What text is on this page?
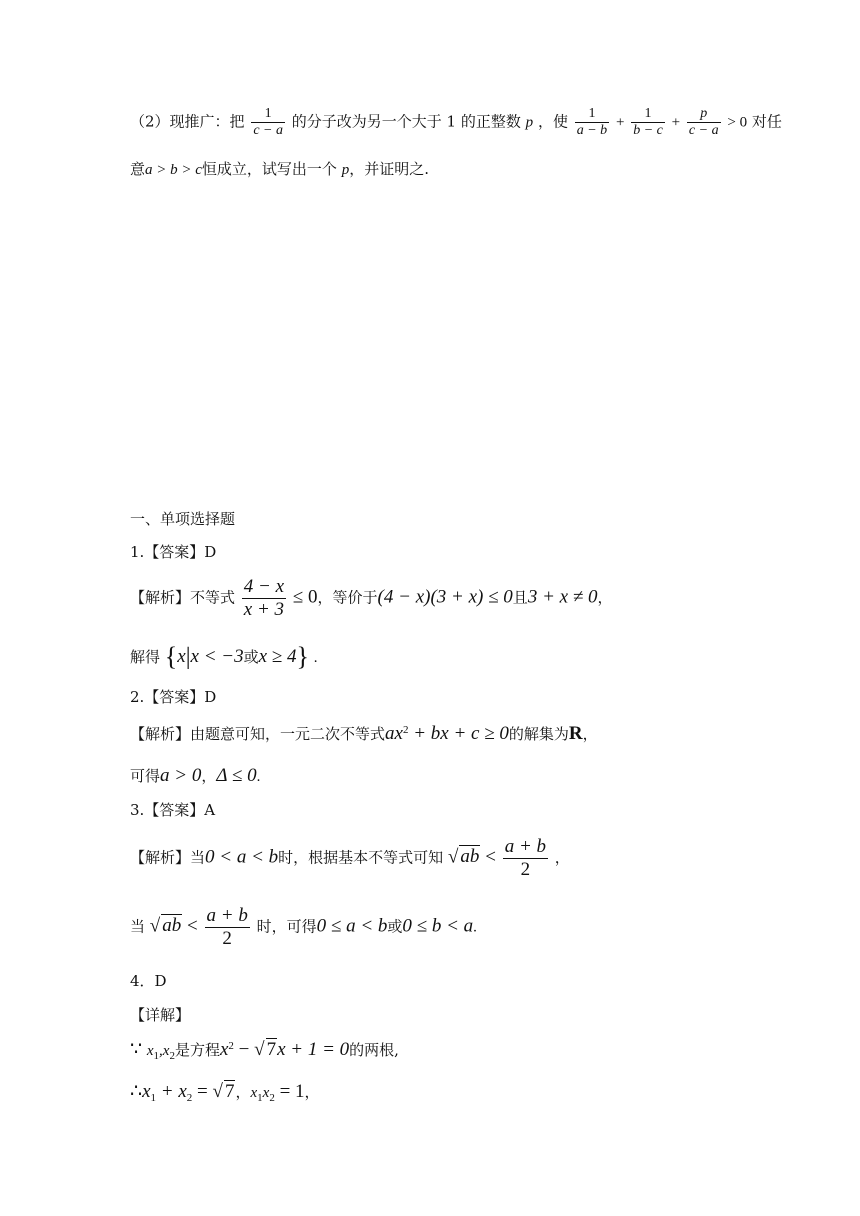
（2）现推广：把 $\frac{1}{c - a}$ 的分子改为另一个大于 1 的正整数 p ，使 $\frac{1}{a - b} + \frac{1}{b - c} + \frac{p}{c - a} > 0$ 对任
意a > b > c恒成立，试写出一个 p，并证明之.
一、单项选择题
1.【答案】D
【解析】不等式 $\frac{4 - x}{x + 3} \le 0$，等价于(4 − x)(3 + x) ≤ 0且3 + x ≠ 0，
解得 {x|x < −3或x ≥ 4} .
2.【答案】D
【解析】由题意可知，一元二次不等式$ax^2$ + bx + c ≥ 0的解集为R，
可得a > 0，Δ ≤ 0.
3.【答案】A
【解析】当0 < a < b时，根据基本不等式可知 √ ab < $\frac{a + b}{2}$ ，
当 √ ab < $\frac{a + b}{2}$ 时，可得0 ≤ a < b或0 ≤ b < a.
4．D
【详解】
∵ $x_1,x_2$是方程$x^2$ − √ 7x + 1 = 0的两根,
$\therefore x_1 + x_2$ = √ 7，$x_1x_2 = 1$，
